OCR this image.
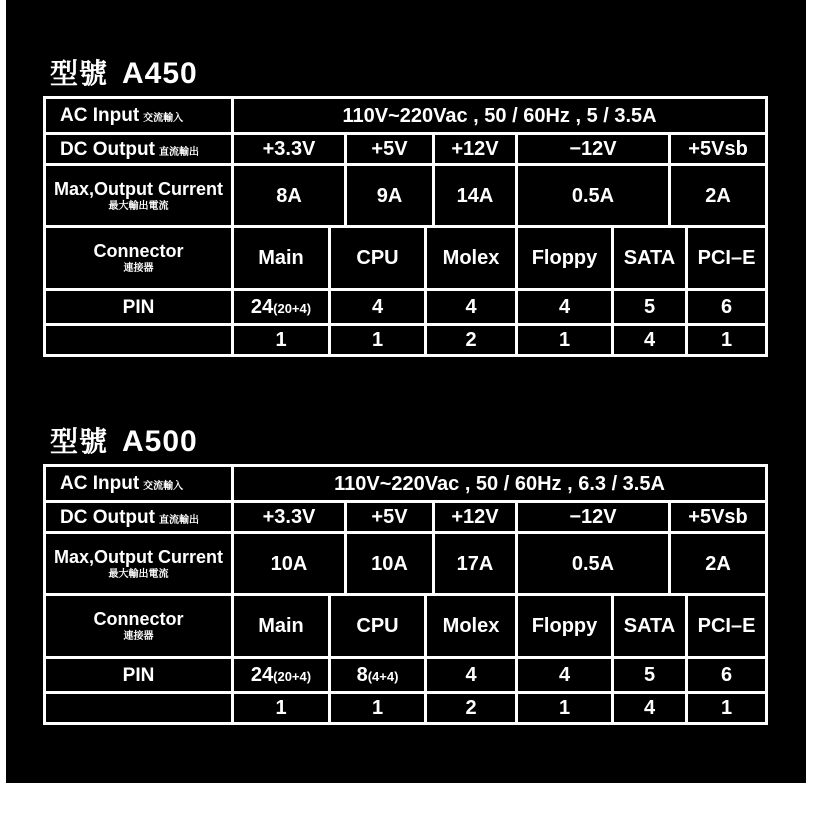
型號 A450
AC Input 交流輸入	110V~220Vac , 50 / 60Hz , 5 / 3.5A								
DC Output 直流輸出	+3.3V		+5V		+12V	−12V		+5Vsb	

Max,Output Current
最大輸出電流	8A		9A		14A	0.5A		2A	

Connector
連接器	Main	CPU		Molex		Floppy	SATA		PCI–E
PIN	24(20+4)	4		4		4	5		6
	1	1		2		1	4		1
型號 A500
AC Input 交流輸入	110V~220Vac , 50 / 60Hz , 6.3 / 3.5A								
DC Output 直流輸出	+3.3V		+5V		+12V	−12V		+5Vsb	

Max,Output Current
最大輸出電流	10A		10A		17A	0.5A		2A	

Connector
連接器	Main	CPU		Molex		Floppy	SATA		PCI–E
PIN	24(20+4)	8(4+4)		4		4	5		6
	1	1		2		1	4		1
